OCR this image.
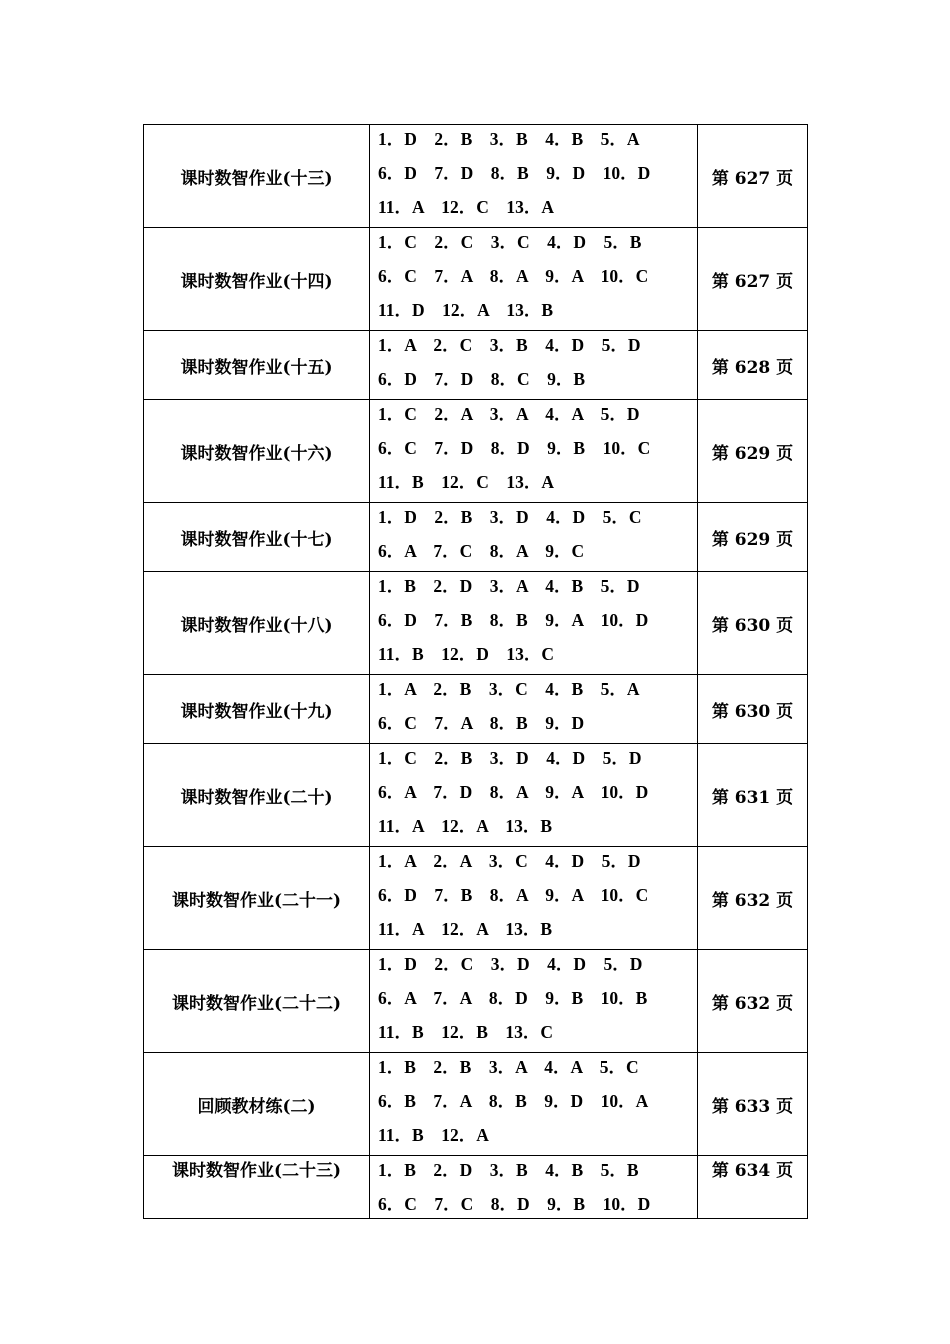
课时数智作业(十三)	1．D　2．B　3．B　4．B　5．A
6．D　7．D　8．B　9．D　10．D
11．A　12．C　13．A	第 627 页
课时数智作业(十四)	1．C　2．C　3．C　4．D　5．B
6．C　7．A　8．A　9．A　10．C
11．D　12．A　13．B	第 627 页
课时数智作业(十五)	1．A　2．C　3．B　4．D　5．D
6．D　7．D　8．C　9．B	第 628 页
课时数智作业(十六)	1．C　2．A　3．A　4．A　5．D
6．C　7．D　8．D　9．B　10．C
11．B　12．C　13．A	第 629 页
课时数智作业(十七)	1．D　2．B　3．D　4．D　5．C
6．A　7．C　8．A　9．C	第 629 页
课时数智作业(十八)	1．B　2．D　3．A　4．B　5．D
6．D　7．B　8．B　9．A　10．D
11．B　12．D　13．C	第 630 页
课时数智作业(十九)	1．A　2．B　3．C　4．B　5．A
6．C　7．A　8．B　9．D	第 630 页
课时数智作业(二十)	1．C　2．B　3．D　4．D　5．D
6．A　7．D　8．A　9．A　10．D
11．A　12．A　13．B	第 631 页
课时数智作业(二十一)	1．A　2．A　3．C　4．D　5．D
6．D　7．B　8．A　9．A　10．C
11．A　12．A　13．B	第 632 页
课时数智作业(二十二)	1．D　2．C　3．D　4．D　5．D
6．A　7．A　8．D　9．B　10．B
11．B　12．B　13．C	第 632 页
回顾教材练(二)	1．B　2．B　3．A　4．A　5．C
6．B　7．A　8．B　9．D　10．A
11．B　12．A	第 633 页
课时数智作业(二十三)	1．B　2．D　3．B　4．B　5．B
6．C　7．C　8．D　9．B　10．D	第 634 页
